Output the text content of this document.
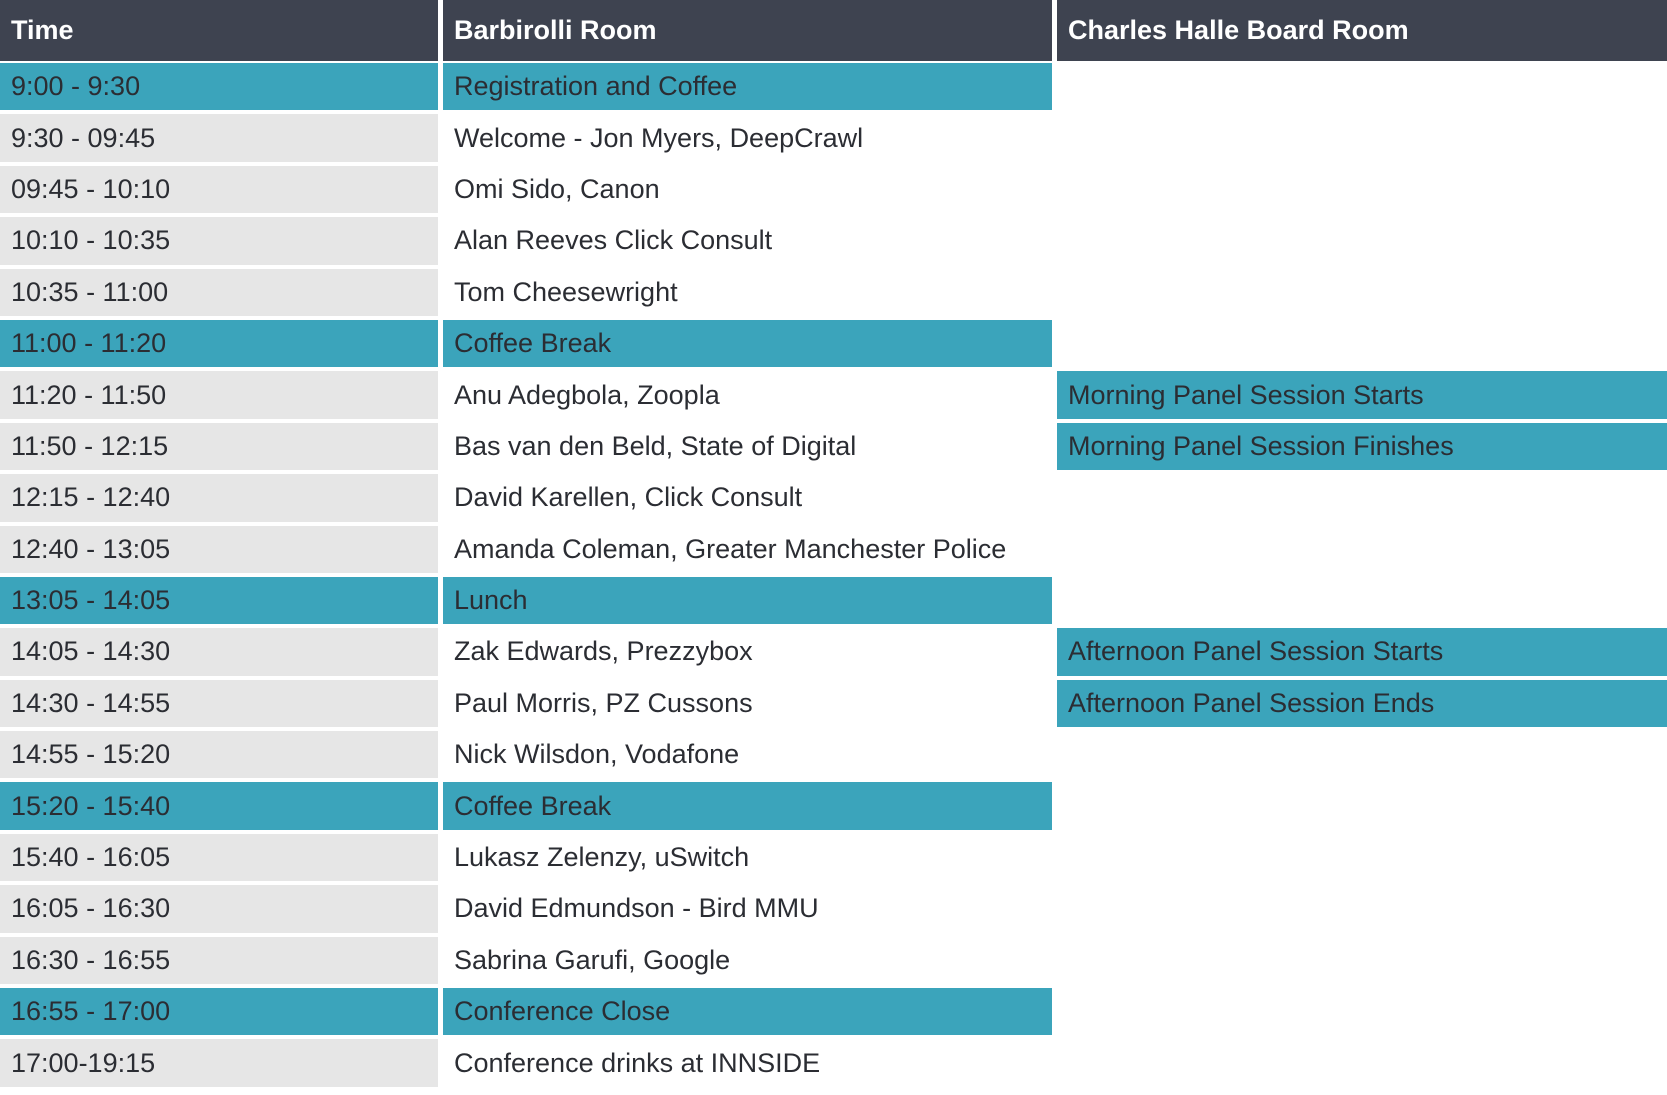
Time	Barbirolli Room	Charles Halle Board Room
9:00 - 9:30	Registration and Coffee
9:30 - 09:45	Welcome - Jon Myers, DeepCrawl
09:45 - 10:10	Omi Sido, Canon
10:10 - 10:35	Alan Reeves Click Consult
10:35 - 11:00	Tom Cheesewright
11:00 - 11:20	Coffee Break
11:20 - 11:50	Anu Adegbola, Zoopla	Morning Panel Session Starts
11:50 - 12:15	Bas van den Beld, State of Digital	Morning Panel Session Finishes
12:15 - 12:40	David Karellen, Click Consult
12:40 - 13:05	Amanda Coleman, Greater Manchester Police
13:05 - 14:05	Lunch
14:05 - 14:30	Zak Edwards, Prezzybox	Afternoon Panel Session Starts
14:30 - 14:55	Paul Morris, PZ Cussons	Afternoon Panel Session Ends
14:55 - 15:20	Nick Wilsdon, Vodafone
15:20 - 15:40	Coffee Break
15:40 - 16:05	Lukasz Zelenzy, uSwitch
16:05 - 16:30	David Edmundson - Bird MMU
16:30 - 16:55	Sabrina Garufi, Google
16:55 - 17:00	Conference Close
17:00-19:15	Conference drinks at INNSIDE
